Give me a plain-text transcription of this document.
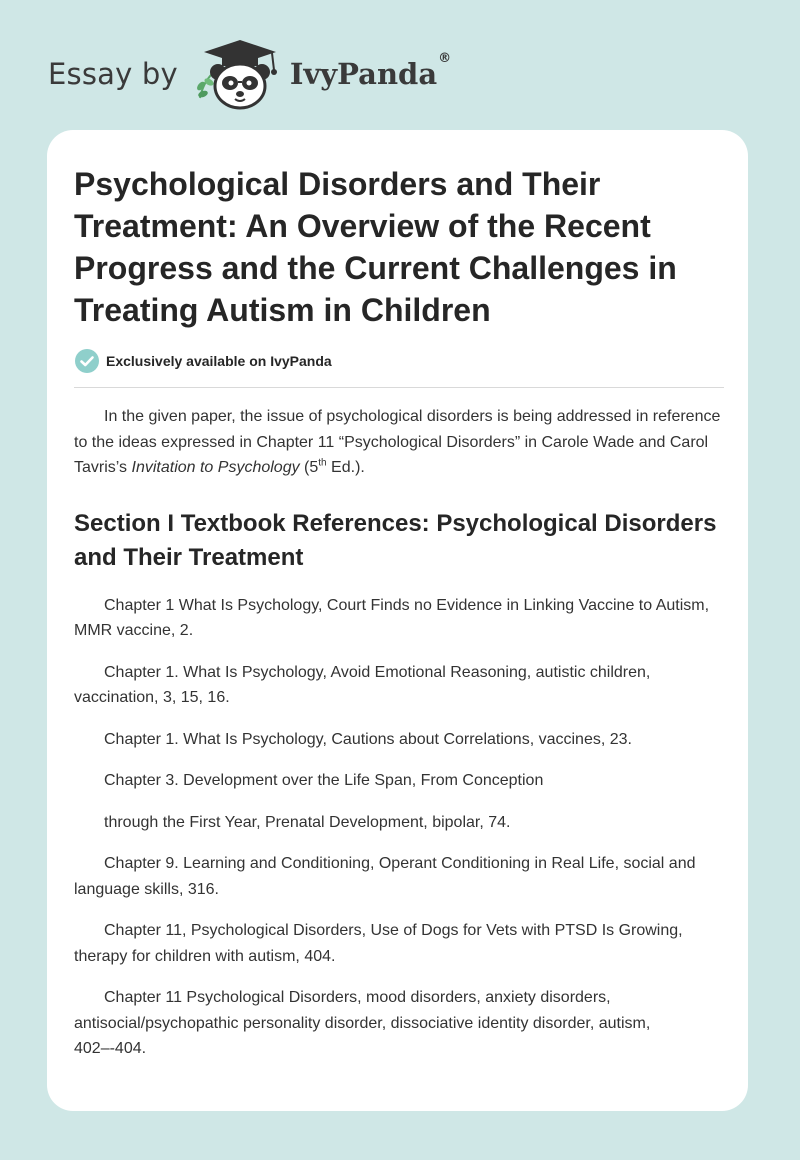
Essay by	IvyPanda®
Psychological Disorders and Their Treatment: An Overview of the Recent Progress and the Current Challenges in Treating Autism in Children
Exclusively available on IvyPanda

In the given paper, the issue of psychological disorders is being addressed in reference to the ideas expressed in Chapter 11 “Psychological Disorders” in Carole Wade and Carol Tavris’s Invitation to Psychology (5th Ed.).

Section I Textbook References: Psychological Disorders and Their Treatment

Chapter 1 What Is Psychology, Court Finds no Evidence in Linking Vaccine to Autism, MMR vaccine, 2.

Chapter 1. What Is Psychology, Avoid Emotional Reasoning, autistic children, vaccination, 3, 15, 16.

Chapter 1. What Is Psychology, Cautions about Correlations, vaccines, 23.

Chapter 3. Development over the Life Span, From Conception

through the First Year, Prenatal Development, bipolar, 74.

Chapter 9. Learning and Conditioning, Operant Conditioning in Real Life, social and language skills, 316.

Chapter 11, Psychological Disorders, Use of Dogs for Vets with PTSD Is Growing, therapy for children with autism, 404.

Chapter 11 Psychological Disorders, mood disorders, anxiety disorders, antisocial/psychopathic personality disorder, dissociative identity disorder, autism, 402–-404.
